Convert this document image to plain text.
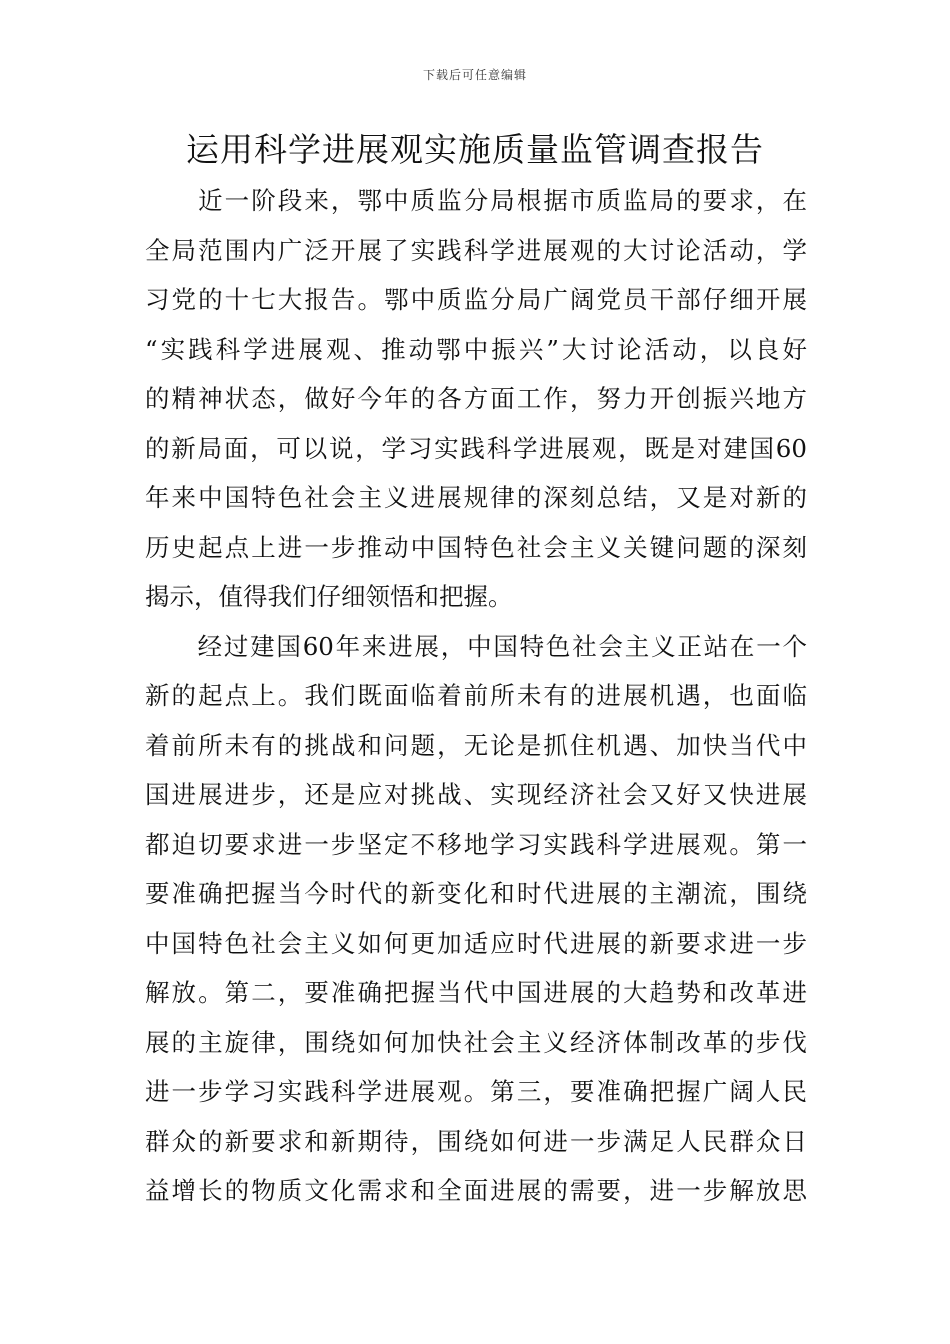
下载后可任意编辑
运用科学进展观实施质量监管调查报告
　　近一阶段来，鄂中质监分局根据市质监局的要求，在
全局范围内广泛开展了实践科学进展观的大讨论活动，学
习党的十七大报告。鄂中质监分局广阔党员干部仔细开展
“实践科学进展观、推动鄂中振兴”大讨论活动，以良好
的精神状态，做好今年的各方面工作，努力开创振兴地方
的新局面，可以说，学习实践科学进展观，既是对建国60
年来中国特色社会主义进展规律的深刻总结，又是对新的
历史起点上进一步推动中国特色社会主义关键问题的深刻
揭示，值得我们仔细领悟和把握。
　　经过建国60年来进展，中国特色社会主义正站在一个
新的起点上。我们既面临着前所未有的进展机遇，也面临
着前所未有的挑战和问题，无论是抓住机遇、加快当代中
国进展进步，还是应对挑战、实现经济社会又好又快进展
都迫切要求进一步坚定不移地学习实践科学进展观。第一
要准确把握当今时代的新变化和时代进展的主潮流，围绕
中国特色社会主义如何更加适应时代进展的新要求进一步
解放。第二，要准确把握当代中国进展的大趋势和改革进
展的主旋律，围绕如何加快社会主义经济体制改革的步伐
进一步学习实践科学进展观。第三，要准确把握广阔人民
群众的新要求和新期待，围绕如何进一步满足人民群众日
益增长的物质文化需求和全面进展的需要，进一步解放思
